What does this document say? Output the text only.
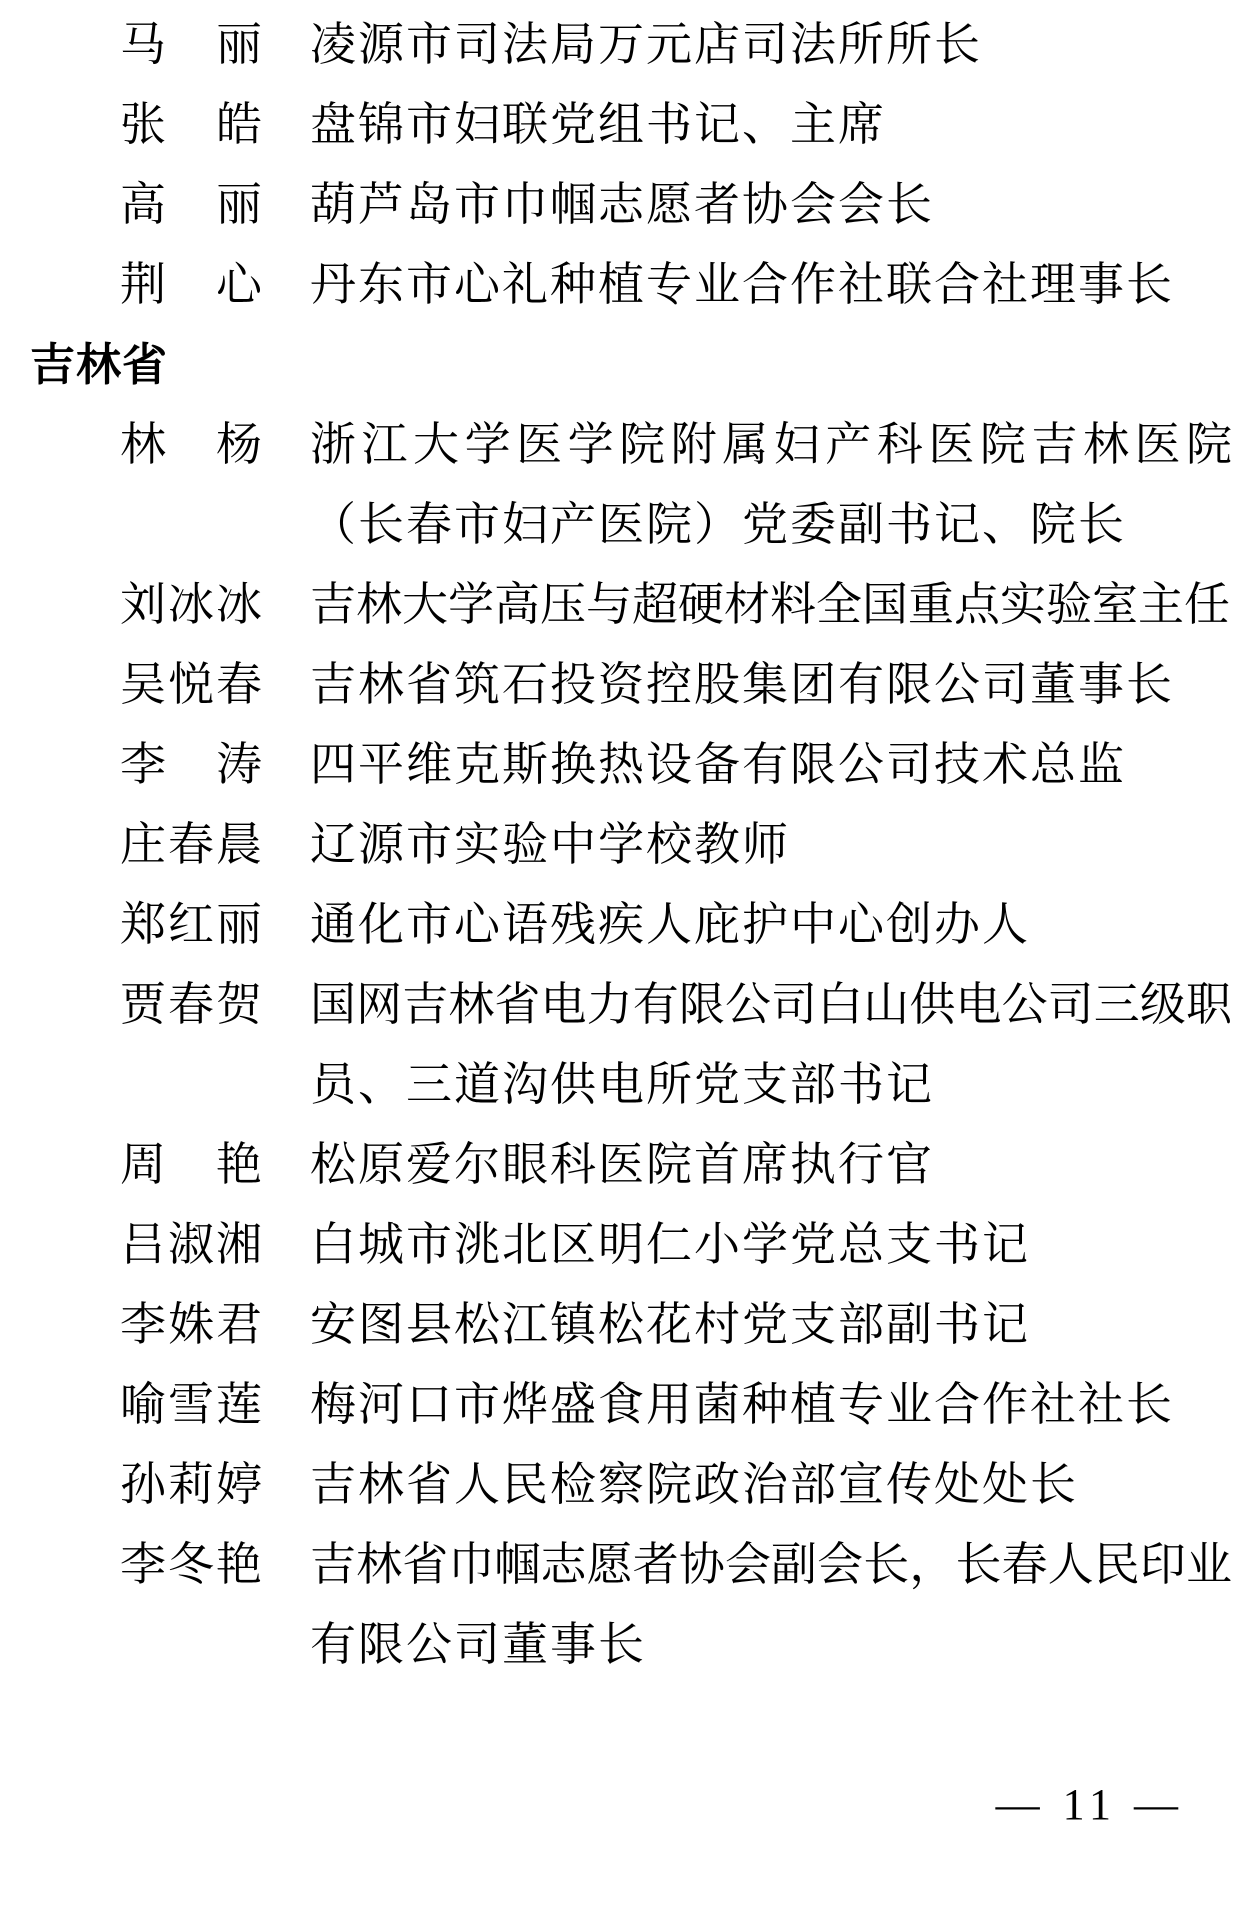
马　丽 凌源市司法局万元店司法所所长
张　皓 盘锦市妇联党组书记、主席
高　丽 葫芦岛市巾帼志愿者协会会长
荆　心 丹东市心礼种植专业合作社联合社理事长
吉林省
林　杨 浙江大学医学院附属妇产科医院吉林医院
（长春市妇产医院）党委副书记、院长
刘冰冰 吉林大学高压与超硬材料全国重点实验室主任
吴悦春 吉林省筑石投资控股集团有限公司董事长
李　涛 四平维克斯换热设备有限公司技术总监
庄春晨 辽源市实验中学校教师
郑红丽 通化市心语残疾人庇护中心创办人
贾春贺 国网吉林省电力有限公司白山供电公司三级职
员、三道沟供电所党支部书记
周　艳 松原爱尔眼科医院首席执行官
吕淑湘 白城市洮北区明仁小学党总支书记
李姝君 安图县松江镇松花村党支部副书记
喻雪莲 梅河口市烨盛食用菌种植专业合作社社长
孙莉婷 吉林省人民检察院政治部宣传处处长
李冬艳 吉林省巾帼志愿者协会副会长，长春人民印业
有限公司董事长
— 11 —
